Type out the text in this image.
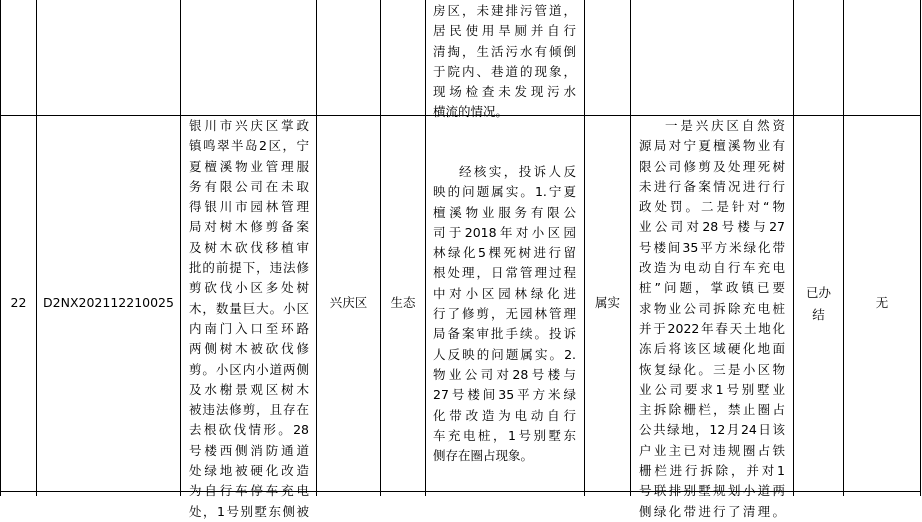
房区，未建排污管道，
居民使用旱厕并自行
清掏，生活污水有倾倒
于院内、巷道的现象，
现场检查未发现污水
横流的情况。
22 D2NX202112210025
银川市兴庆区掌政
镇鸣翠半岛2区，宁
夏檀溪物业管理服
务有限公司在未取
得银川市园林管理
局对树木修剪备案
及树木砍伐移植审
批的前提下，违法修
剪砍伐小区多处树
木，数量巨大。小区
内南门入口至环路
两侧树木被砍伐修
剪。小区内小道两侧
及水榭景观区树木
被违法修剪，且存在
去根砍伐情形。28
号楼西侧消防通道
处绿地被硬化改造
为自行车停车充电
处，1号别墅东侧被
兴庆区 生态
经核实，投诉人反
映的问题属实。1.宁夏
檀溪物业服务有限公
司于2018年对小区园
林绿化5棵死树进行留
根处理，日常管理过程
中对小区园林绿化进
行了修剪，无园林管理
局备案审批手续。投诉
人反映的问题属实。2.
物业公司对28号楼与
27号楼间35平方米绿
化带改造为电动自行
车充电桩，1号别墅东
侧存在圈占现象。
属实
一是兴庆区自然资
源局对宁夏檀溪物业有
限公司修剪及处理死树
未进行备案情况进行行
政处罚。二是针对“物
业公司对28号楼与27
号楼间35平方米绿化带
改造为电动自行车充电
桩”问题，掌政镇已要
求物业公司拆除充电桩
并于2022年春天土地化
冻后将该区域硬化地面
恢复绿化。三是小区物
业公司要求1号别墅业
主拆除栅栏，禁止圈占
公共绿地，12月24日该
户业主已对违规圈占铁
栅栏进行拆除，并对1
号联排别墅规划小道两
侧绿化带进行了清理。
已办结
无
